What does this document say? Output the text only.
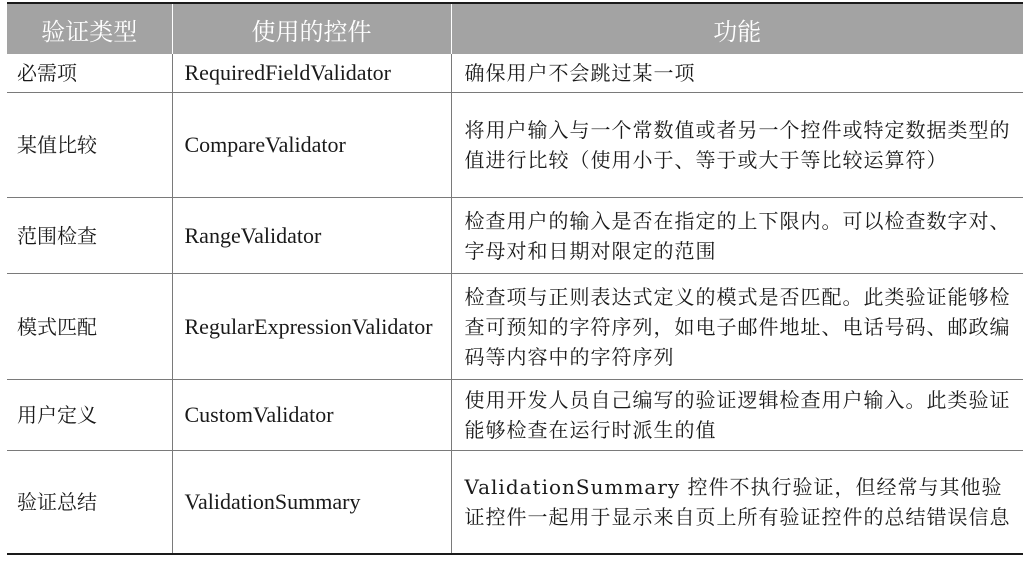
验证类型	使用的控件	功能
必需项	RequiredFieldValidator	确保用户不会跳过某一项
某值比较	CompareValidator	将用户输入与一个常数值或者另一个控件或特定数据类型的值进行比较（使用小于、等于或大于等比较运算符）
范围检查	RangeValidator	检查用户的输入是否在指定的上下限内。可以检查数字对、字母对和日期对限定的范围
模式匹配	RegularExpressionValidator	检查项与正则表达式定义的模式是否匹配。此类验证能够检查可预知的字符序列，如电子邮件地址、电话号码、邮政编码等内容中的字符序列
用户定义	CustomValidator	使用开发人员自己编写的验证逻辑检查用户输入。此类验证能够检查在运行时派生的值
验证总结	ValidationSummary	ValidationSummary 控件不执行验证，但经常与其他验证控件一起用于显示来自页上所有验证控件的总结错误信息
